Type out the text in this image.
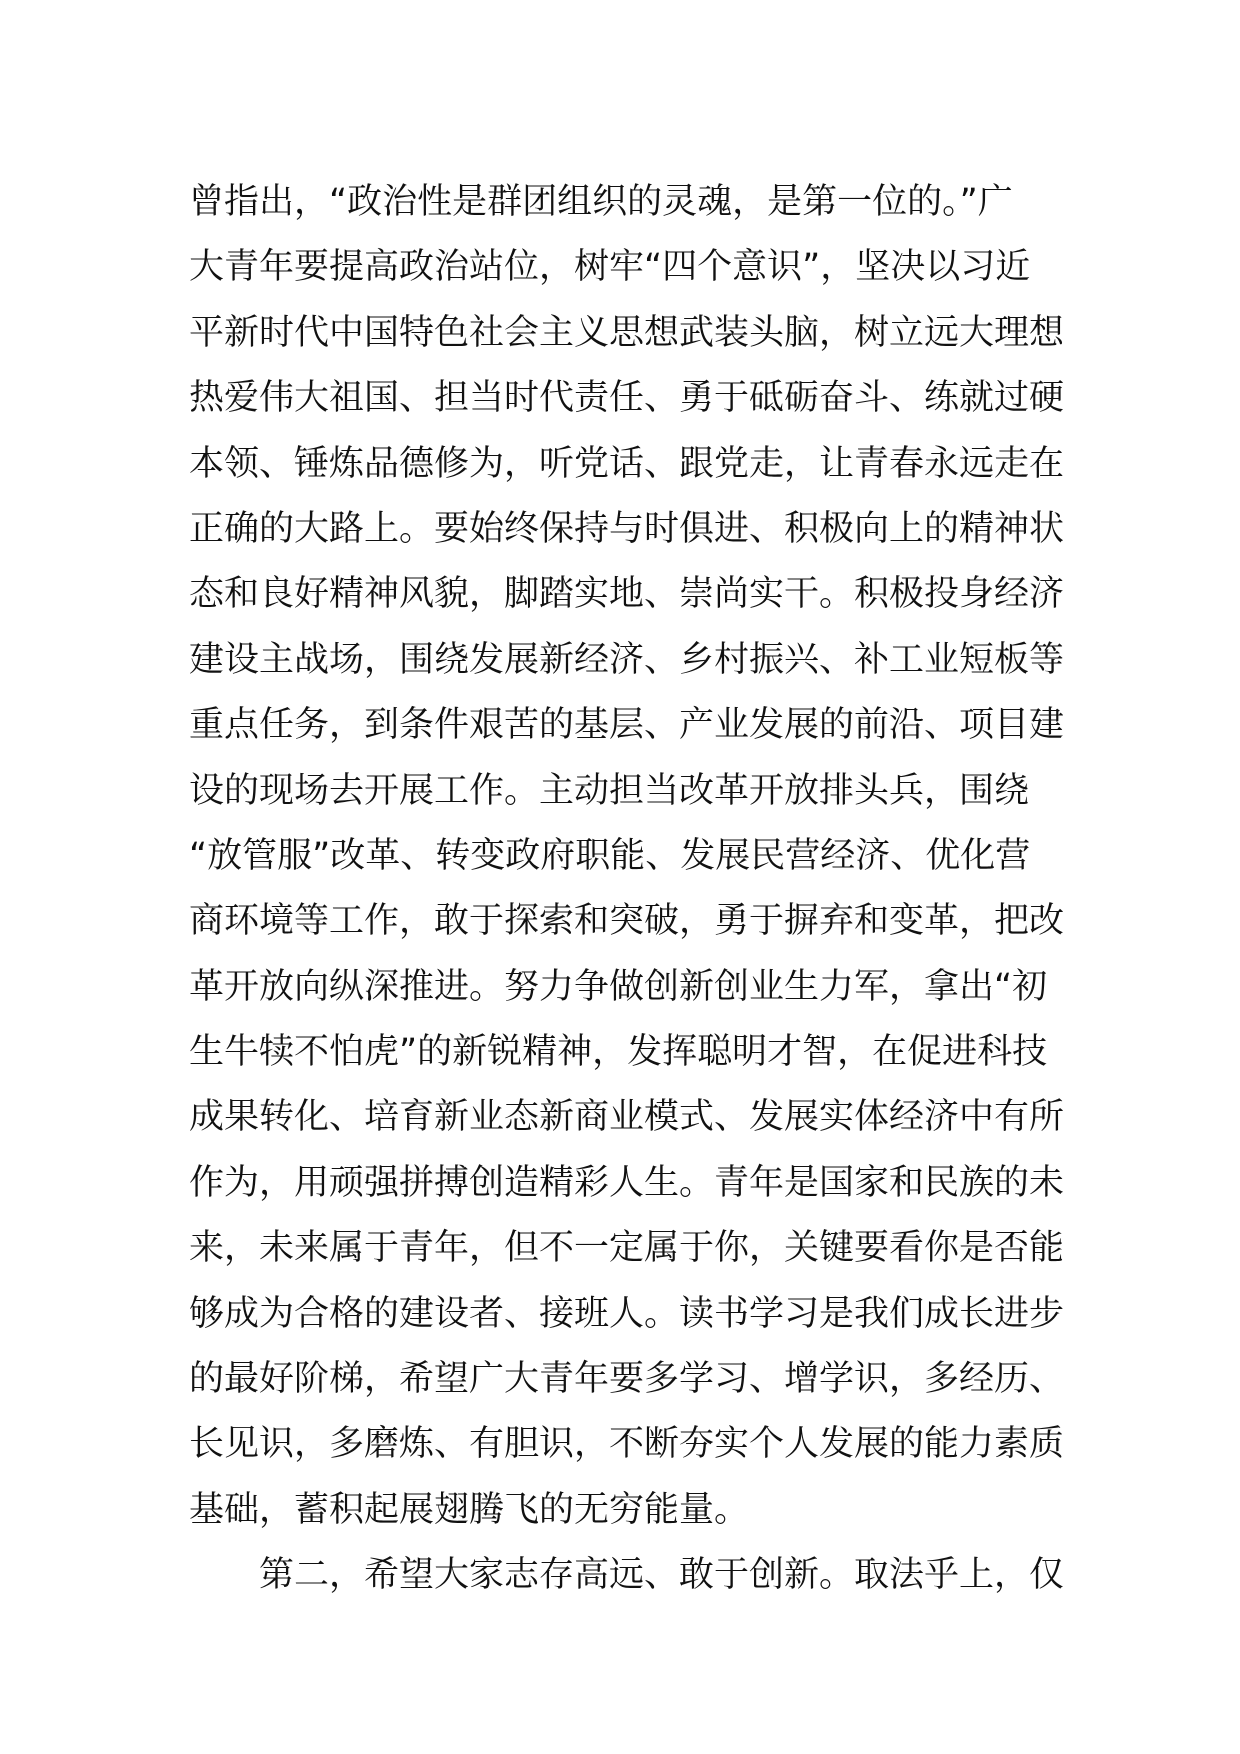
曾指出，“政治性是群团组织的灵魂，是第一位的。”广
大青年要提高政治站位，树牢“四个意识”，坚决以习近
平新时代中国特色社会主义思想武装头脑，树立远大理想
热爱伟大祖国、担当时代责任、勇于砥砺奋斗、练就过硬
本领、锤炼品德修为，听党话、跟党走，让青春永远走在
正确的大路上。要始终保持与时俱进、积极向上的精神状
态和良好精神风貌，脚踏实地、崇尚实干。积极投身经济
建设主战场，围绕发展新经济、乡村振兴、补工业短板等
重点任务，到条件艰苦的基层、产业发展的前沿、项目建
设的现场去开展工作。主动担当改革开放排头兵，围绕
“放管服”改革、转变政府职能、发展民营经济、优化营
商环境等工作，敢于探索和突破，勇于摒弃和变革，把改
革开放向纵深推进。努力争做创新创业生力军，拿出“初
生牛犊不怕虎”的新锐精神，发挥聪明才智，在促进科技
成果转化、培育新业态新商业模式、发展实体经济中有所
作为，用顽强拼搏创造精彩人生。青年是国家和民族的未
来，未来属于青年，但不一定属于你，关键要看你是否能
够成为合格的建设者、接班人。读书学习是我们成长进步
的最好阶梯，希望广大青年要多学习、增学识，多经历、
长见识，多磨炼、有胆识，不断夯实个人发展的能力素质
基础，蓄积起展翅腾飞的无穷能量。
第二，希望大家志存高远、敢于创新。取法乎上，仅
